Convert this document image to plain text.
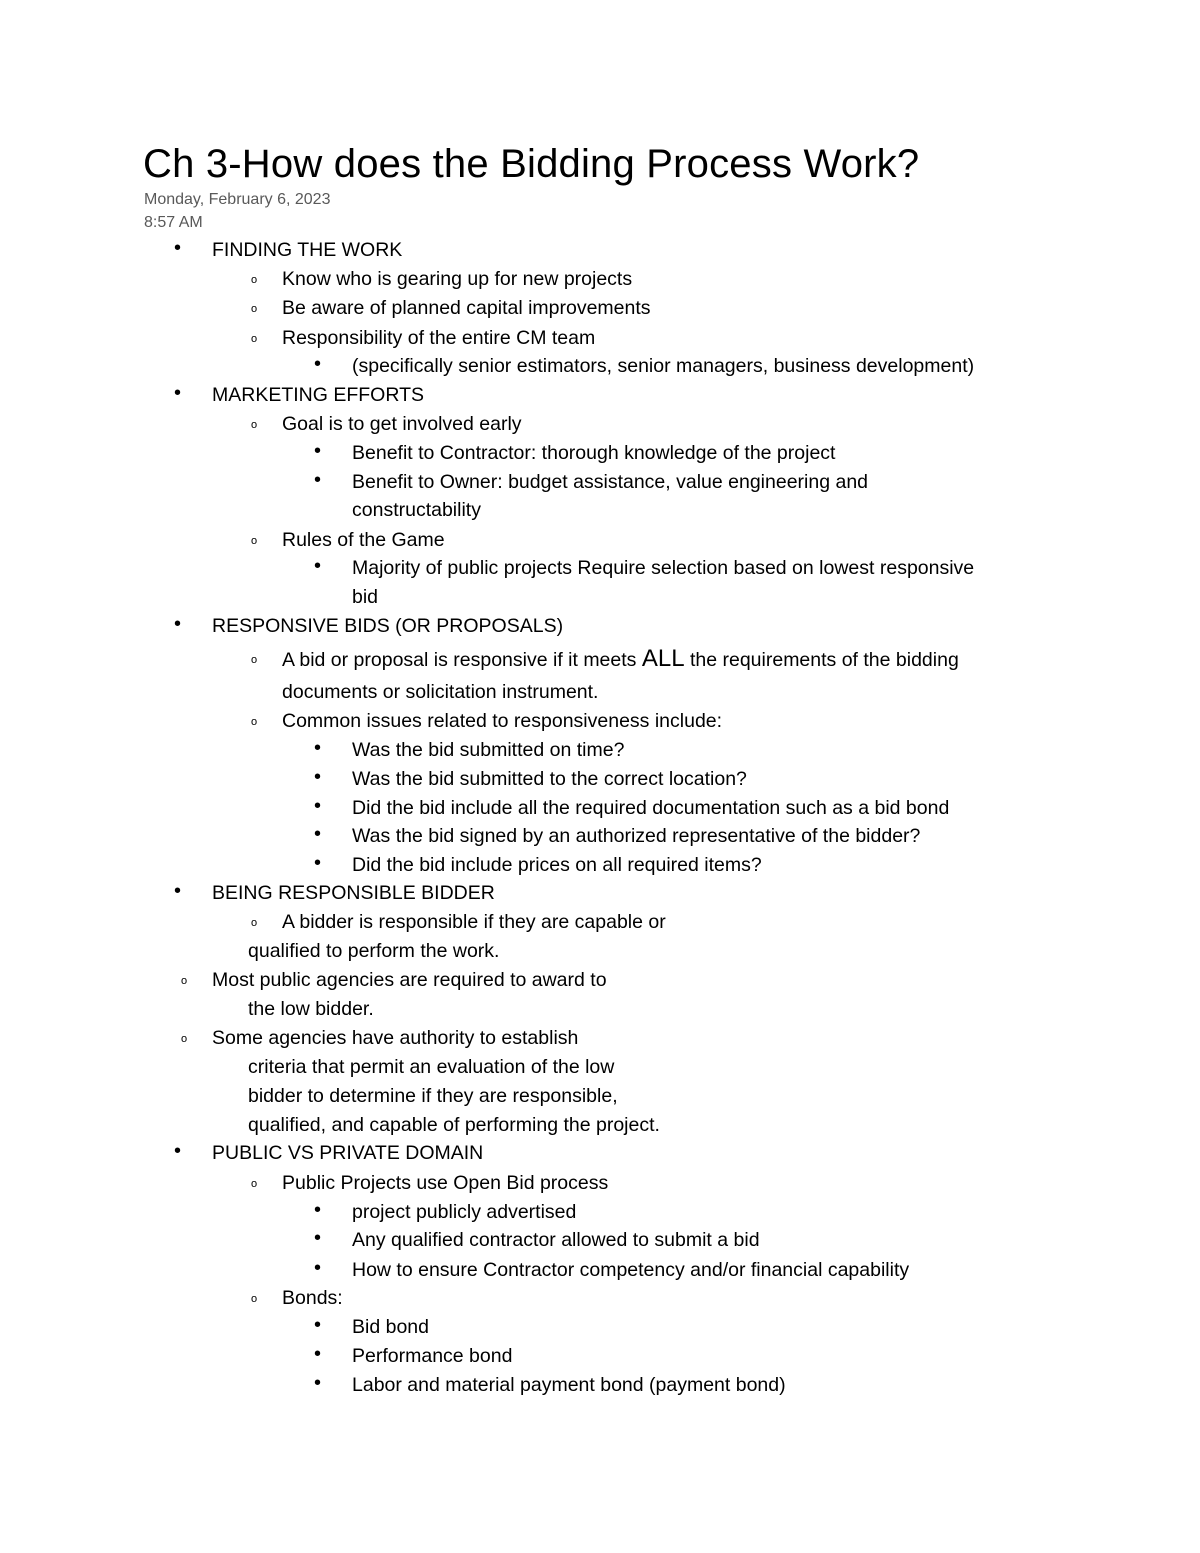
Ch 3-How does the Bidding Process Work?
Monday, February 6, 2023
8:57 AM
• FINDING THE WORK
o Know who is gearing up for new projects
o Be aware of planned capital improvements
o Responsibility of the entire CM team
• (specifically senior estimators, senior managers, business development)
• MARKETING EFFORTS
o Goal is to get involved early
• Benefit to Contractor: thorough knowledge of the project
• Benefit to Owner: budget assistance, value engineering and
constructability
o Rules of the Game
• Majority of public projects Require selection based on lowest responsive
bid
• RESPONSIVE BIDS (OR PROPOSALS)
o A bid or proposal is responsive if it meets ALL the requirements of the bidding
documents or solicitation instrument.
o Common issues related to responsiveness include:
• Was the bid submitted on time?
• Was the bid submitted to the correct location?
• Did the bid include all the required documentation such as a bid bond
• Was the bid signed by an authorized representative of the bidder?
• Did the bid include prices on all required items?
• BEING RESPONSIBLE BIDDER
o A bidder is responsible if they are capable or
qualified to perform the work.
o Most public agencies are required to award to
the low bidder.
o Some agencies have authority to establish
criteria that permit an evaluation of the low
bidder to determine if they are responsible,
qualified, and capable of performing the project.
• PUBLIC VS PRIVATE DOMAIN
o Public Projects use Open Bid process
• project publicly advertised
• Any qualified contractor allowed to submit a bid
• How to ensure Contractor competency and/or financial capability
o Bonds:
• Bid bond
• Performance bond
• Labor and material payment bond (payment bond)
